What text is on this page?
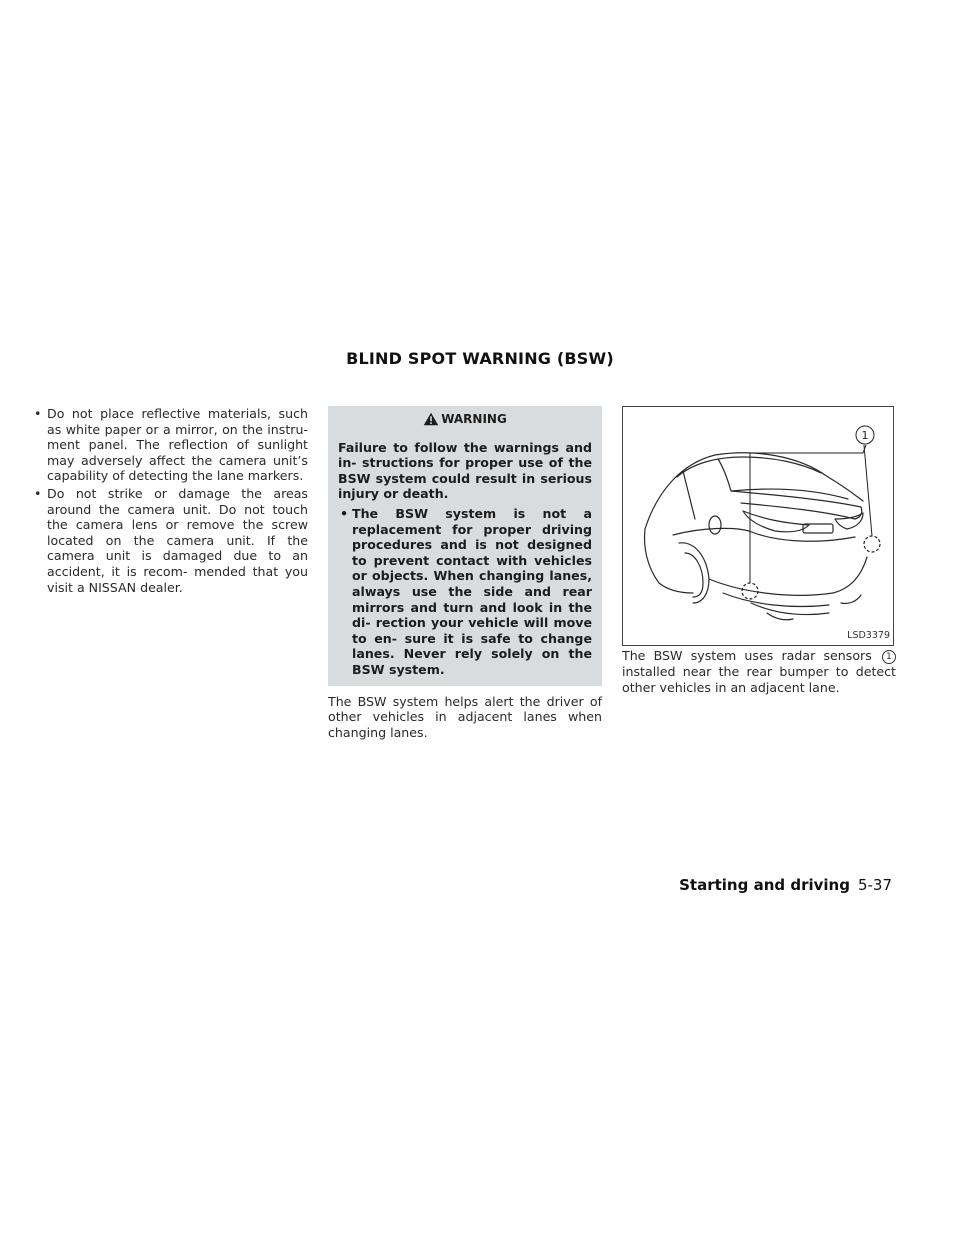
BLIND SPOT WARNING (BSW)
• Do not place reflective materials, such as white paper or a mirror, on the instru- ment panel. The reflection of sunlight may adversely affect the camera unit’s capability of detecting the lane markers.
• Do not strike or damage the areas around the camera unit. Do not touch the camera lens or remove the screw located on the camera unit. If the camera unit is damaged due to an accident, it is recom- mended that you visit a NISSAN dealer.
WARNING

Failure to follow the warnings and in- structions for proper use of the BSW system could result in serious injury or death.

• The BSW system is not a replacement for proper driving procedures and is not designed to prevent contact with vehicles or objects. When changing lanes, always use the side and rear mirrors and turn and look in the di- rection your vehicle will move to en- sure it is safe to change lanes. Never rely solely on the BSW system.

The BSW system helps alert the driver of other vehicles in adjacent lanes when changing lanes.

1
LSD3379

The BSW system uses radar sensors 1 installed near the rear bumper to detect other vehicles in an adjacent lane.

Starting and driving 5-37
